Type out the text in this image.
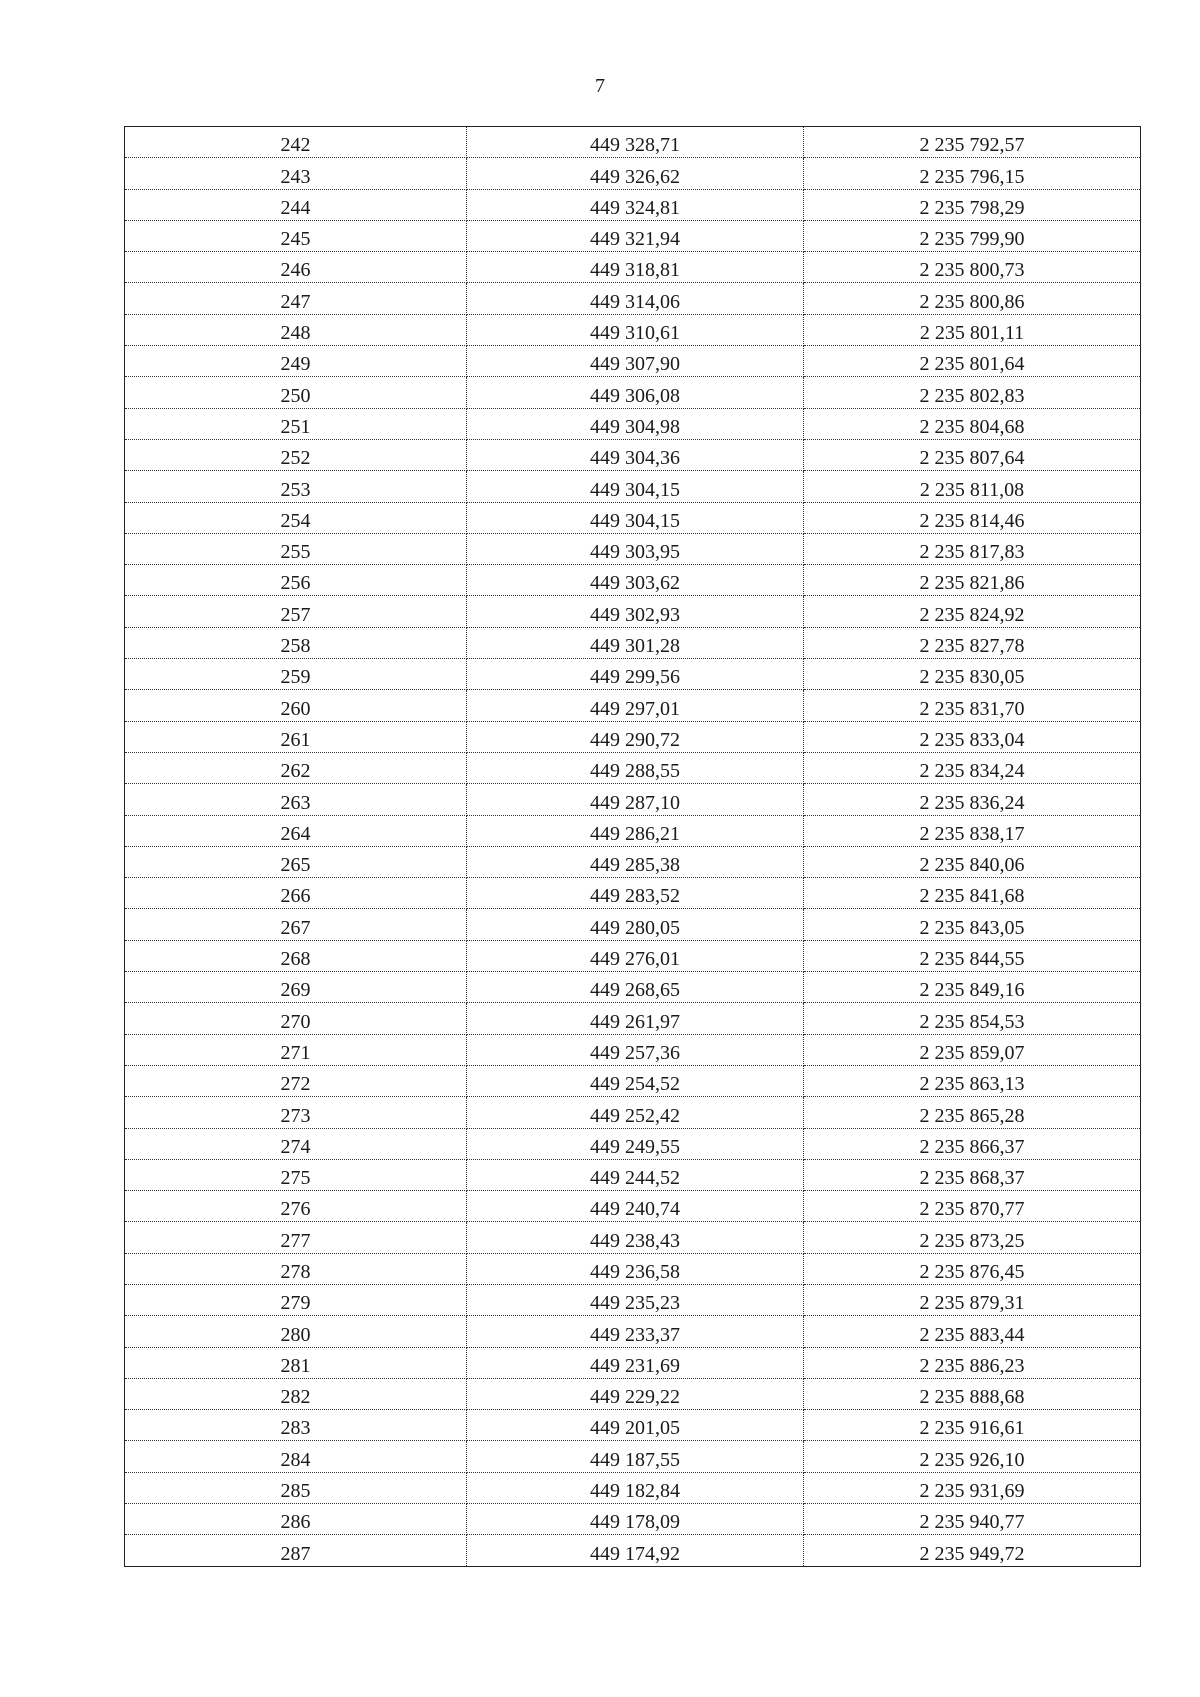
7
242	449 328,71	2 235 792,57
243	449 326,62	2 235 796,15
244	449 324,81	2 235 798,29
245	449 321,94	2 235 799,90
246	449 318,81	2 235 800,73
247	449 314,06	2 235 800,86
248	449 310,61	2 235 801,11
249	449 307,90	2 235 801,64
250	449 306,08	2 235 802,83
251	449 304,98	2 235 804,68
252	449 304,36	2 235 807,64
253	449 304,15	2 235 811,08
254	449 304,15	2 235 814,46
255	449 303,95	2 235 817,83
256	449 303,62	2 235 821,86
257	449 302,93	2 235 824,92
258	449 301,28	2 235 827,78
259	449 299,56	2 235 830,05
260	449 297,01	2 235 831,70
261	449 290,72	2 235 833,04
262	449 288,55	2 235 834,24
263	449 287,10	2 235 836,24
264	449 286,21	2 235 838,17
265	449 285,38	2 235 840,06
266	449 283,52	2 235 841,68
267	449 280,05	2 235 843,05
268	449 276,01	2 235 844,55
269	449 268,65	2 235 849,16
270	449 261,97	2 235 854,53
271	449 257,36	2 235 859,07
272	449 254,52	2 235 863,13
273	449 252,42	2 235 865,28
274	449 249,55	2 235 866,37
275	449 244,52	2 235 868,37
276	449 240,74	2 235 870,77
277	449 238,43	2 235 873,25
278	449 236,58	2 235 876,45
279	449 235,23	2 235 879,31
280	449 233,37	2 235 883,44
281	449 231,69	2 235 886,23
282	449 229,22	2 235 888,68
283	449 201,05	2 235 916,61
284	449 187,55	2 235 926,10
285	449 182,84	2 235 931,69
286	449 178,09	2 235 940,77
287	449 174,92	2 235 949,72
